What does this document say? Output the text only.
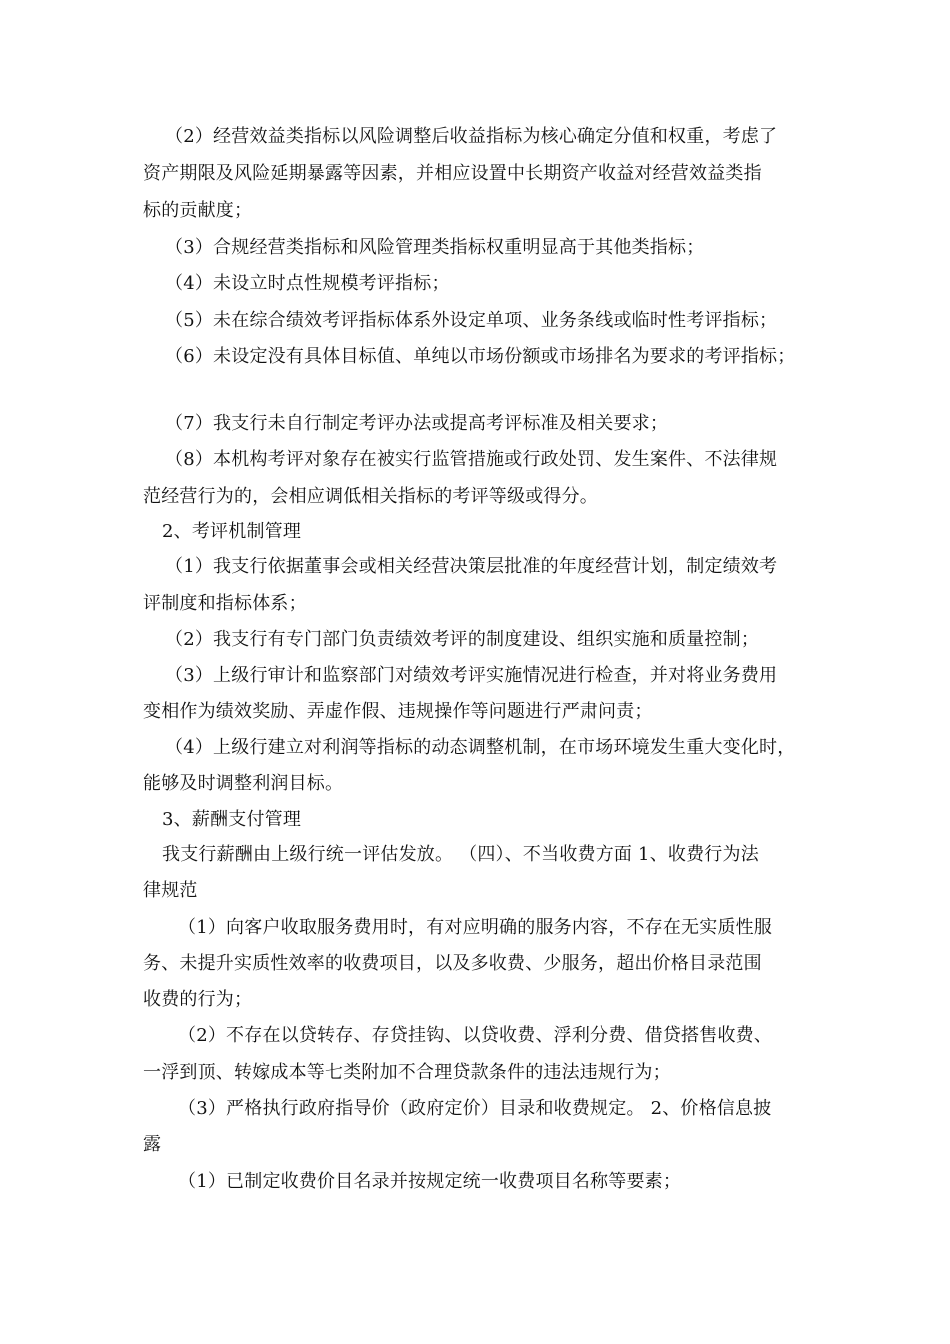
（2）经营效益类指标以风险调整后收益指标为核心确定分值和权重，考虑了
资产期限及风险延期暴露等因素，并相应设置中长期资产收益对经营效益类指
标的贡献度；
（3）合规经营类指标和风险管理类指标权重明显高于其他类指标；
（4）未设立时点性规模考评指标；
（5）未在综合绩效考评指标体系外设定单项、业务条线或临时性考评指标；
（6）未设定没有具体目标值、单纯以市场份额或市场排名为要求的考评指标；
（7）我支行未自行制定考评办法或提高考评标准及相关要求；
（8）本机构考评对象存在被实行监管措施或行政处罚、发生案件、不法律规
范经营行为的，会相应调低相关指标的考评等级或得分。
2、考评机制管理
（1）我支行依据董事会或相关经营决策层批准的年度经营计划，制定绩效考
评制度和指标体系；
（2）我支行有专门部门负责绩效考评的制度建设、组织实施和质量控制；
（3）上级行审计和监察部门对绩效考评实施情况进行检查，并对将业务费用
变相作为绩效奖励、弄虚作假、违规操作等问题进行严肃问责；
（4）上级行建立对利润等指标的动态调整机制，在市场环境发生重大变化时，
能够及时调整利润目标。
3、薪酬支付管理
我支行薪酬由上级行统一评估发放。 （四）、不当收费方面 1、收费行为法
律规范
（1）向客户收取服务费用时，有对应明确的服务内容，不存在无实质性服
务、未提升实质性效率的收费项目，以及多收费、少服务，超出价格目录范围
收费的行为；
（2）不存在以贷转存、存贷挂钩、以贷收费、浮利分费、借贷搭售收费、
一浮到顶、转嫁成本等七类附加不合理贷款条件的违法违规行为；
（3）严格执行政府指导价（政府定价）目录和收费规定。 2、价格信息披
露
（1）已制定收费价目名录并按规定统一收费项目名称等要素；
